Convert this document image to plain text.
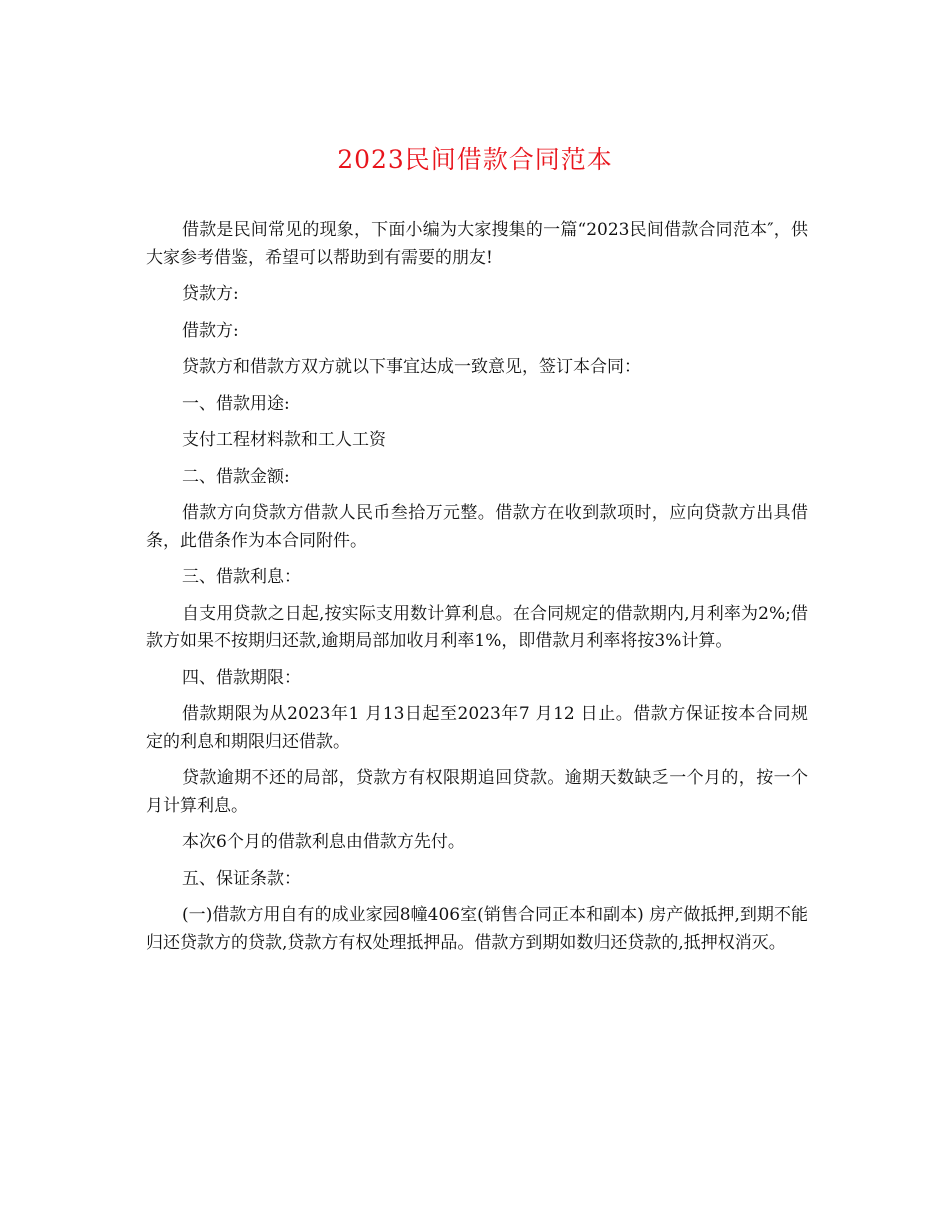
2023民间借款合同范本

借款是民间常见的现象，下面小编为大家搜集的一篇“2023民间借款合同范本″，供大家参考借鉴，希望可以帮助到有需要的朋友!

贷款方:

借款方:

贷款方和借款方双方就以下事宜达成一致意见，签订本合同：

一、借款用途:

支付工程材料款和工人工资

二、借款金额:

借款方向贷款方借款人民币叁拾万元整。借款方在收到款项时，应向贷款方出具借条，此借条作为本合同附件。

三、借款利息：

自支用贷款之日起,按实际支用数计算利息。在合同规定的借款期内,月利率为2%;借款方如果不按期归还款,逾期局部加收月利率1%，即借款月利率将按3%计算。

四、借款期限：

借款期限为从2023年1 月13日起至2023年7 月12 日止。借款方保证按本合同规定的利息和期限归还借款。

贷款逾期不还的局部，贷款方有权限期追回贷款。逾期天数缺乏一个月的，按一个月计算利息。

本次6个月的借款利息由借款方先付。

五、保证条款：

(一)借款方用自有的成业家园8幢406室(销售合同正本和副本) 房产做抵押,到期不能归还贷款方的贷款,贷款方有权处理抵押品。借款方到期如数归还贷款的,抵押权消灭。
